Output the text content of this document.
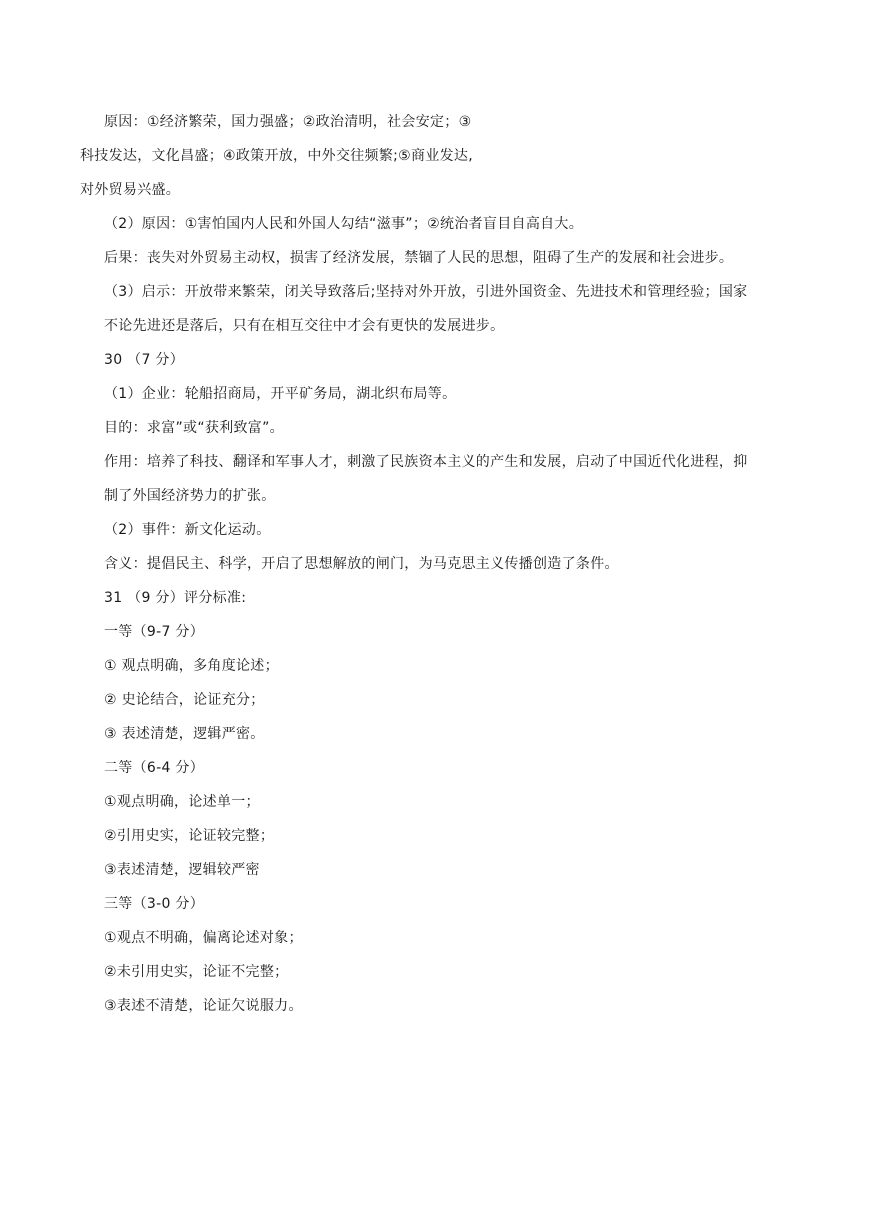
原因：①经济繁荣，国力强盛；②政治清明，社会安定；③
科技发达，文化昌盛；④政策开放，中外交往频繁;⑤商业发达,
对外贸易兴盛。
（2）原因：①害怕国内人民和外国人勾结“滋事”；②统治者盲目自高自大。
后果：丧失对外贸易主动权，损害了经济发展，禁锢了人民的思想，阻碍了生产的发展和社会进步。
（3）启示：开放带来繁荣，闭关导致落后;坚持对外开放，引进外国资金、先进技术和管理经验；国家
不论先进还是落后，只有在相互交往中才会有更快的发展进步。
30 （7 分）
（1）企业：轮船招商局，开平矿务局，湖北织布局等。
目的：求富”或“获利致富”。
作用：培养了科技、翻译和军事人才，刺激了民族资本主义的产生和发展，启动了中国近代化进程，抑
制了外国经济势力的扩张。
（2）事件：新文化运动。
含义：提倡民主、科学，开启了思想解放的闸门，为马克思主义传播创造了条件。
31 （9 分）评分标准:
一等（9-7 分）
① 观点明确，多角度论述；
② 史论结合，论证充分；
③ 表述清楚，逻辑严密。
二等（6-4 分）
①观点明确，论述单一；
②引用史实，论证较完整；
③表述清楚，逻辑较严密
三等（3-0 分）
①观点不明确，偏离论述对象；
②未引用史实，论证不完整；
③表述不清楚，论证欠说服力。
